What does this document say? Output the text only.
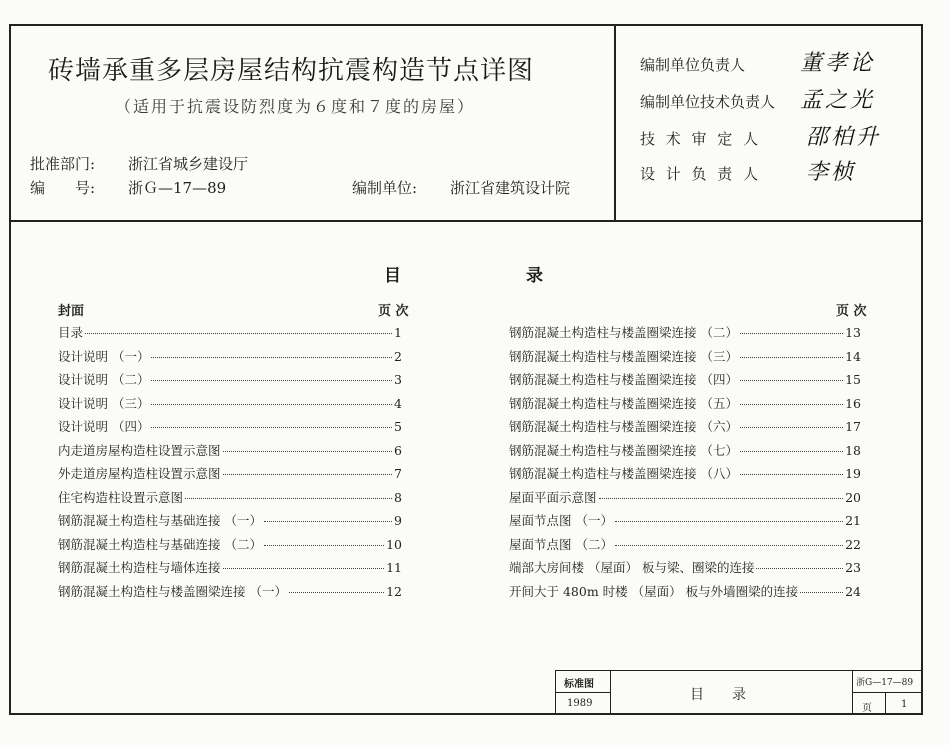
砖墙承重多层房屋结构抗震构造节点详图
（适用于抗震设防烈度为６度和７度的房屋）
批准部门: 浙江省城乡建设厅
编　　号: 浙Ｇ—17—89	编制单位: 浙江省建筑设计院
编制单位负责人 董孝论
编制单位技术负责人 孟之光
技 术 审 定 人 邵柏升
设 计 负 责 人 李桢
目	录
封面	页 次	页 次
目录	1
设计说明 （一）	2
设计说明 （二）	3
设计说明 （三）	4
设计说明 （四）	5
内走道房屋构造柱设置示意图	6
外走道房屋构造柱设置示意图	7
住宅构造柱设置示意图	8
钢筋混凝土构造柱与基础连接 （一）	9
钢筋混凝土构造柱与基础连接 （二）	10
钢筋混凝土构造柱与墙体连接	11
钢筋混凝土构造柱与楼盖圈梁连接 （一）	12
钢筋混凝土构造柱与楼盖圈梁连接 （二）	13
钢筋混凝土构造柱与楼盖圈梁连接 （三）	14
钢筋混凝土构造柱与楼盖圈梁连接 （四）	15
钢筋混凝土构造柱与楼盖圈梁连接 （五）	16
钢筋混凝土构造柱与楼盖圈梁连接 （六）	17
钢筋混凝土构造柱与楼盖圈梁连接 （七）	18
钢筋混凝土构造柱与楼盖圈梁连接 （八）	19
屋面平面示意图	20
屋面节点图 （一）	21
屋面节点图 （二）	22
端部大房间楼 （屋面） 板与梁、圈梁的连接	23
开间大于 480m 时楼 （屋面） 板与外墙圈梁的连接	24
标准图
1989
目　　录
浙G—17—89
页	1
